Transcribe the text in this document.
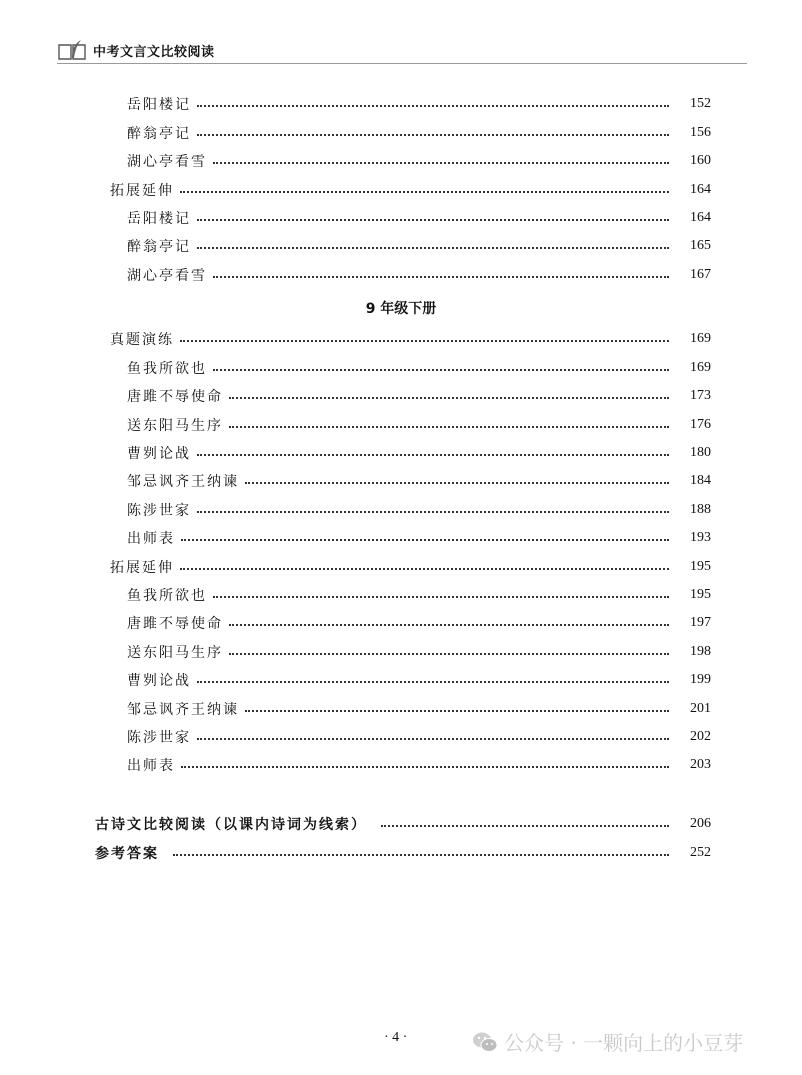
中考文言文比较阅读
岳阳楼记	152
醉翁亭记	156
湖心亭看雪	160
拓展延伸	164
岳阳楼记	164
醉翁亭记	165
湖心亭看雪	167
9 年级下册
真题演练	169
鱼我所欲也	169
唐雎不辱使命	173
送东阳马生序	176
曹刿论战	180
邹忌讽齐王纳谏	184
陈涉世家	188
出师表	193
拓展延伸	195
鱼我所欲也	195
唐雎不辱使命	197
送东阳马生序	198
曹刿论战	199
邹忌讽齐王纳谏	201
陈涉世家	202
出师表	203
古诗文比较阅读（以课内诗词为线索）	206
参考答案	252
· 4 ·	公众号 · 一颗向上的小豆芽
